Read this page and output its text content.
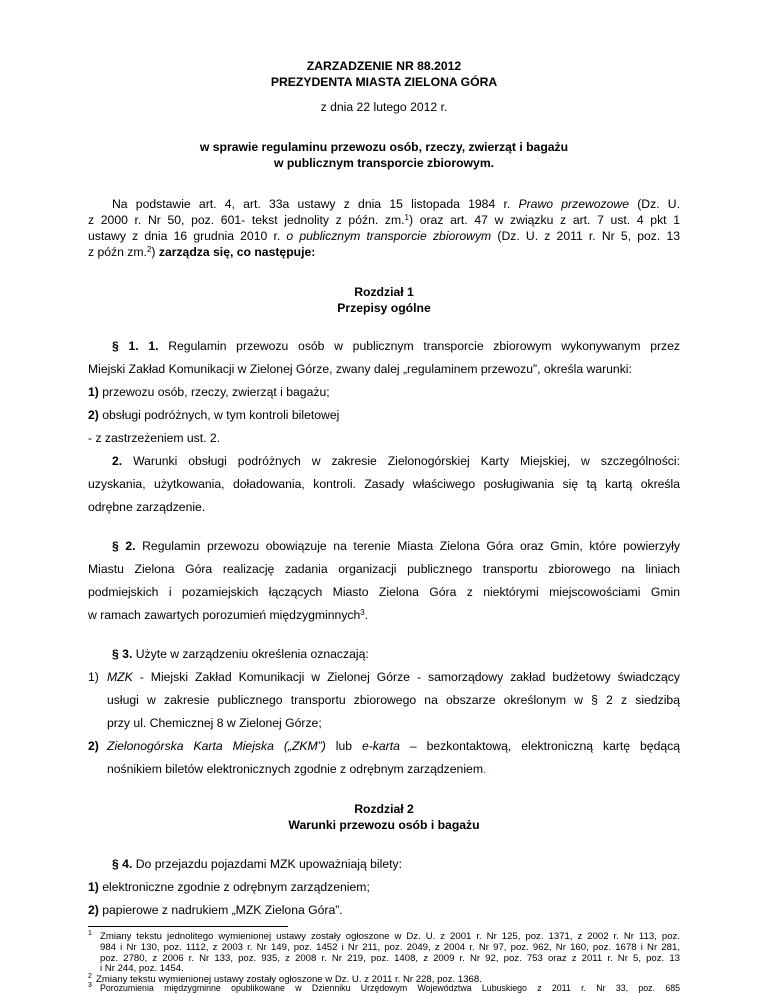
ZARZADZENIE NR 88.2012
PREZYDENTA MIASTA ZIELONA GÓRA
z dnia 22 lutego 2012 r.
w sprawie regulaminu przewozu osób, rzeczy, zwierząt i bagażu
w publicznym transporcie zbiorowym.
Na podstawie art. 4, art. 33a ustawy z dnia 15 listopada 1984 r. Prawo przewozowe (Dz. U.
z 2000 r. Nr 50, poz. 601- tekst jednolity z późn. zm.$^1$) oraz art. 47 w związku z art. 7 ust. 4 pkt 1
ustawy z dnia 16 grudnia 2010 r. o publicznym transporcie zbiorowym (Dz. U. z 2011 r. Nr 5, poz. 13
z późn zm.$^2$) zarządza się, co następuje:
Rozdział 1
Przepisy ogólne
§ 1. 1. Regulamin przewozu osób w publicznym transporcie zbiorowym wykonywanym przez
Miejski Zakład Komunikacji w Zielonej Górze, zwany dalej „regulaminem przewozu”, określa warunki:
1) przewozu osób, rzeczy, zwierząt i bagażu;
2) obsługi podróżnych, w tym kontroli biletowej
- z zastrzeżeniem ust. 2.
2. Warunki obsługi podróżnych w zakresie Zielonogórskiej Karty Miejskiej, w szczególności:
uzyskania, użytkowania, doładowania, kontroli. Zasady właściwego posługiwania się tą kartą określa
odrębne zarządzenie.
§ 2. Regulamin przewozu obowiązuje na terenie Miasta Zielona Góra oraz Gmin, które powierzyły
Miastu Zielona Góra realizację zadania organizacji publicznego transportu zbiorowego na liniach
podmiejskich i pozamiejskich łączących Miasto Zielona Góra z niektórymi miejscowościami Gmin
w ramach zawartych porozumień międzygminnych$^3$.
§ 3. Użyte w zarządzeniu określenia oznaczają:
1) MZK - Miejski Zakład Komunikacji w Zielonej Górze - samorządowy zakład budżetowy świadczący
usługi w zakresie publicznego transportu zbiorowego na obszarze określonym w § 2 z siedzibą
przy ul. Chemicznej 8 w Zielonej Górze;
2) Zielonogórska Karta Miejska („ZKM”) lub e-karta – bezkontaktową, elektroniczną kartę będącą
nośnikiem biletów elektronicznych zgodnie z odrębnym zarządzeniem.
Rozdział 2
Warunki przewozu osób i bagażu
§ 4. Do przejazdu pojazdami MZK upoważniają bilety:
1) elektroniczne zgodnie z odrębnym zarządzeniem;
2) papierowe z nadrukiem „MZK Zielona Góra”.
1 Zmiany tekstu jednolitego wymienionej ustawy zostały ogłoszone w Dz. U. z 2001 r. Nr 125, poz. 1371, z 2002 r. Nr 113, poz.
984 i Nr 130, poz. 1112, z 2003 r. Nr 149, poz. 1452 i Nr 211, poz. 2049, z 2004 r. Nr 97, poz. 962, Nr 160, poz. 1678 i Nr 281,
poz. 2780, z 2006 r. Nr 133, poz. 935, z 2008 r. Nr 219, poz. 1408, z 2009 r. Nr 92, poz. 753 oraz z 2011 r. Nr 5, poz. 13
i Nr 244, poz. 1454.
2 Zmiany tekstu wymienionej ustawy zostały ogłoszone w Dz. U. z 2011 r. Nr 228, poz. 1368.
3 Porozumienia międzygminne opublikowane w Dzienniku Urzędowym Województwa Lubuskiego z 2011 r. Nr 33, poz. 685
